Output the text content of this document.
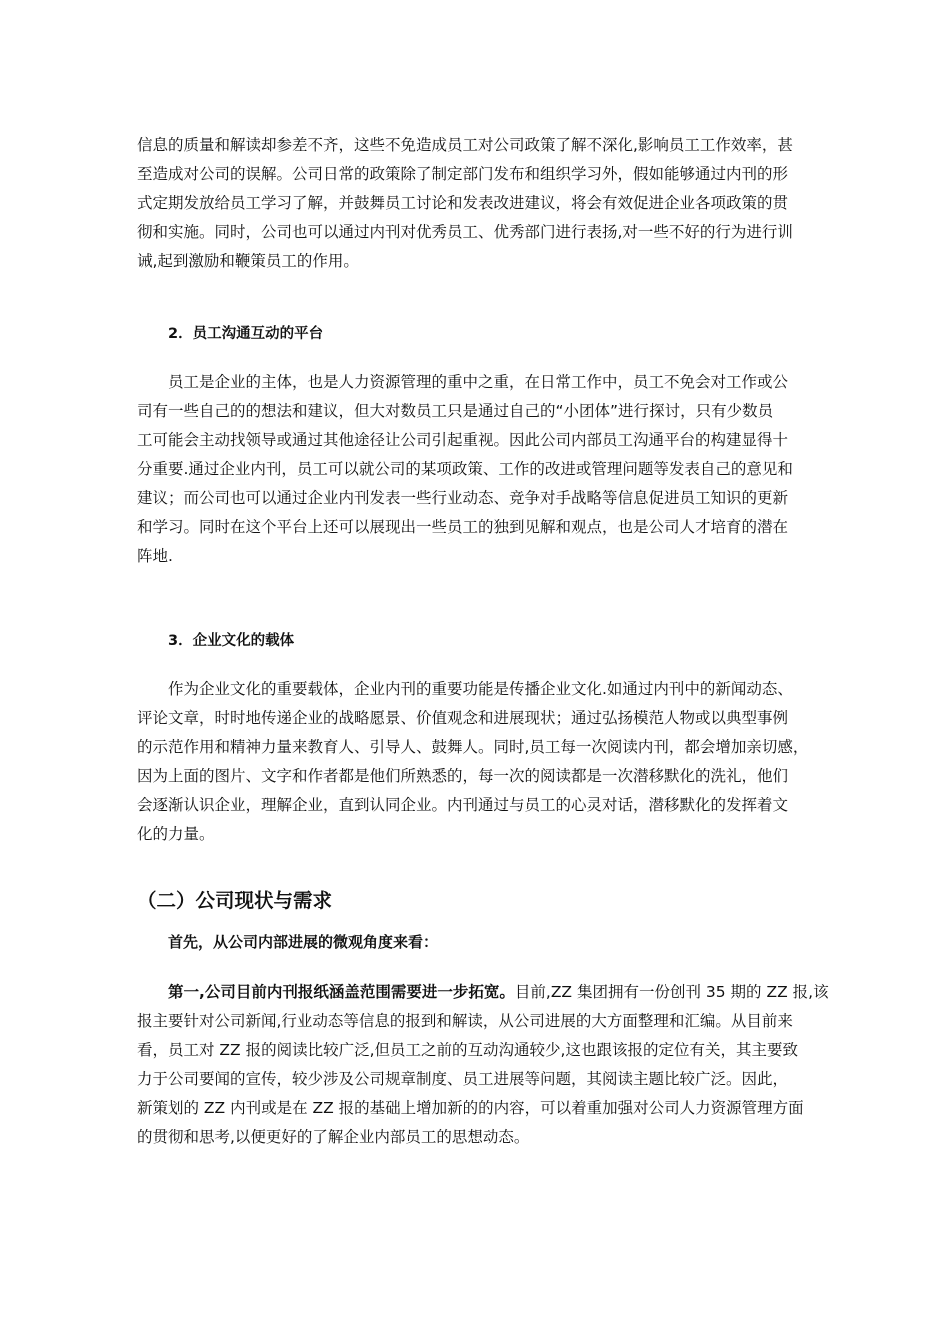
信息的质量和解读却参差不齐，这些不免造成员工对公司政策了解不深化,影响员工工作效率，甚
至造成对公司的误解。公司日常的政策除了制定部门发布和组织学习外，假如能够通过内刊的形
式定期发放给员工学习了解，并鼓舞员工讨论和发表改进建议，将会有效促进企业各项政策的贯
彻和实施。同时，公司也可以通过内刊对优秀员工、优秀部门进行表扬,对一些不好的行为进行训
诫,起到激励和鞭策员工的作用。

2．员工沟通互动的平台

员工是企业的主体，也是人力资源管理的重中之重，在日常工作中，员工不免会对工作或公
司有一些自己的的想法和建议，但大对数员工只是通过自己的“小团体”进行探讨，只有少数员
工可能会主动找领导或通过其他途径让公司引起重视。因此公司内部员工沟通平台的构建显得十
分重要.通过企业内刊，员工可以就公司的某项政策、工作的改进或管理问题等发表自己的意见和
建议；而公司也可以通过企业内刊发表一些行业动态、竞争对手战略等信息促进员工知识的更新
和学习。同时在这个平台上还可以展现出一些员工的独到见解和观点，也是公司人才培育的潜在
阵地.

3．企业文化的载体

作为企业文化的重要载体，企业内刊的重要功能是传播企业文化.如通过内刊中的新闻动态、
评论文章，时时地传递企业的战略愿景、价值观念和进展现状；通过弘扬模范人物或以典型事例
的示范作用和精神力量来教育人、引导人、鼓舞人。同时,员工每一次阅读内刊，都会增加亲切感，
因为上面的图片、文字和作者都是他们所熟悉的，每一次的阅读都是一次潜移默化的洗礼，他们
会逐渐认识企业，理解企业，直到认同企业。内刊通过与员工的心灵对话，潜移默化的发挥着文
化的力量。

（二）公司现状与需求

首先，从公司内部进展的微观角度来看：

第一,公司目前内刊报纸涵盖范围需要进一步拓宽。目前,ZZ 集团拥有一份创刊 35 期的 ZZ 报,该
报主要针对公司新闻,行业动态等信息的报到和解读，从公司进展的大方面整理和汇编。从目前来
看，员工对 ZZ 报的阅读比较广泛,但员工之前的互动沟通较少,这也跟该报的定位有关，其主要致
力于公司要闻的宣传，较少涉及公司规章制度、员工进展等问题，其阅读主题比较广泛。因此，
新策划的 ZZ 内刊或是在 ZZ 报的基础上增加新的的内容，可以着重加强对公司人力资源管理方面
的贯彻和思考,以便更好的了解企业内部员工的思想动态。
